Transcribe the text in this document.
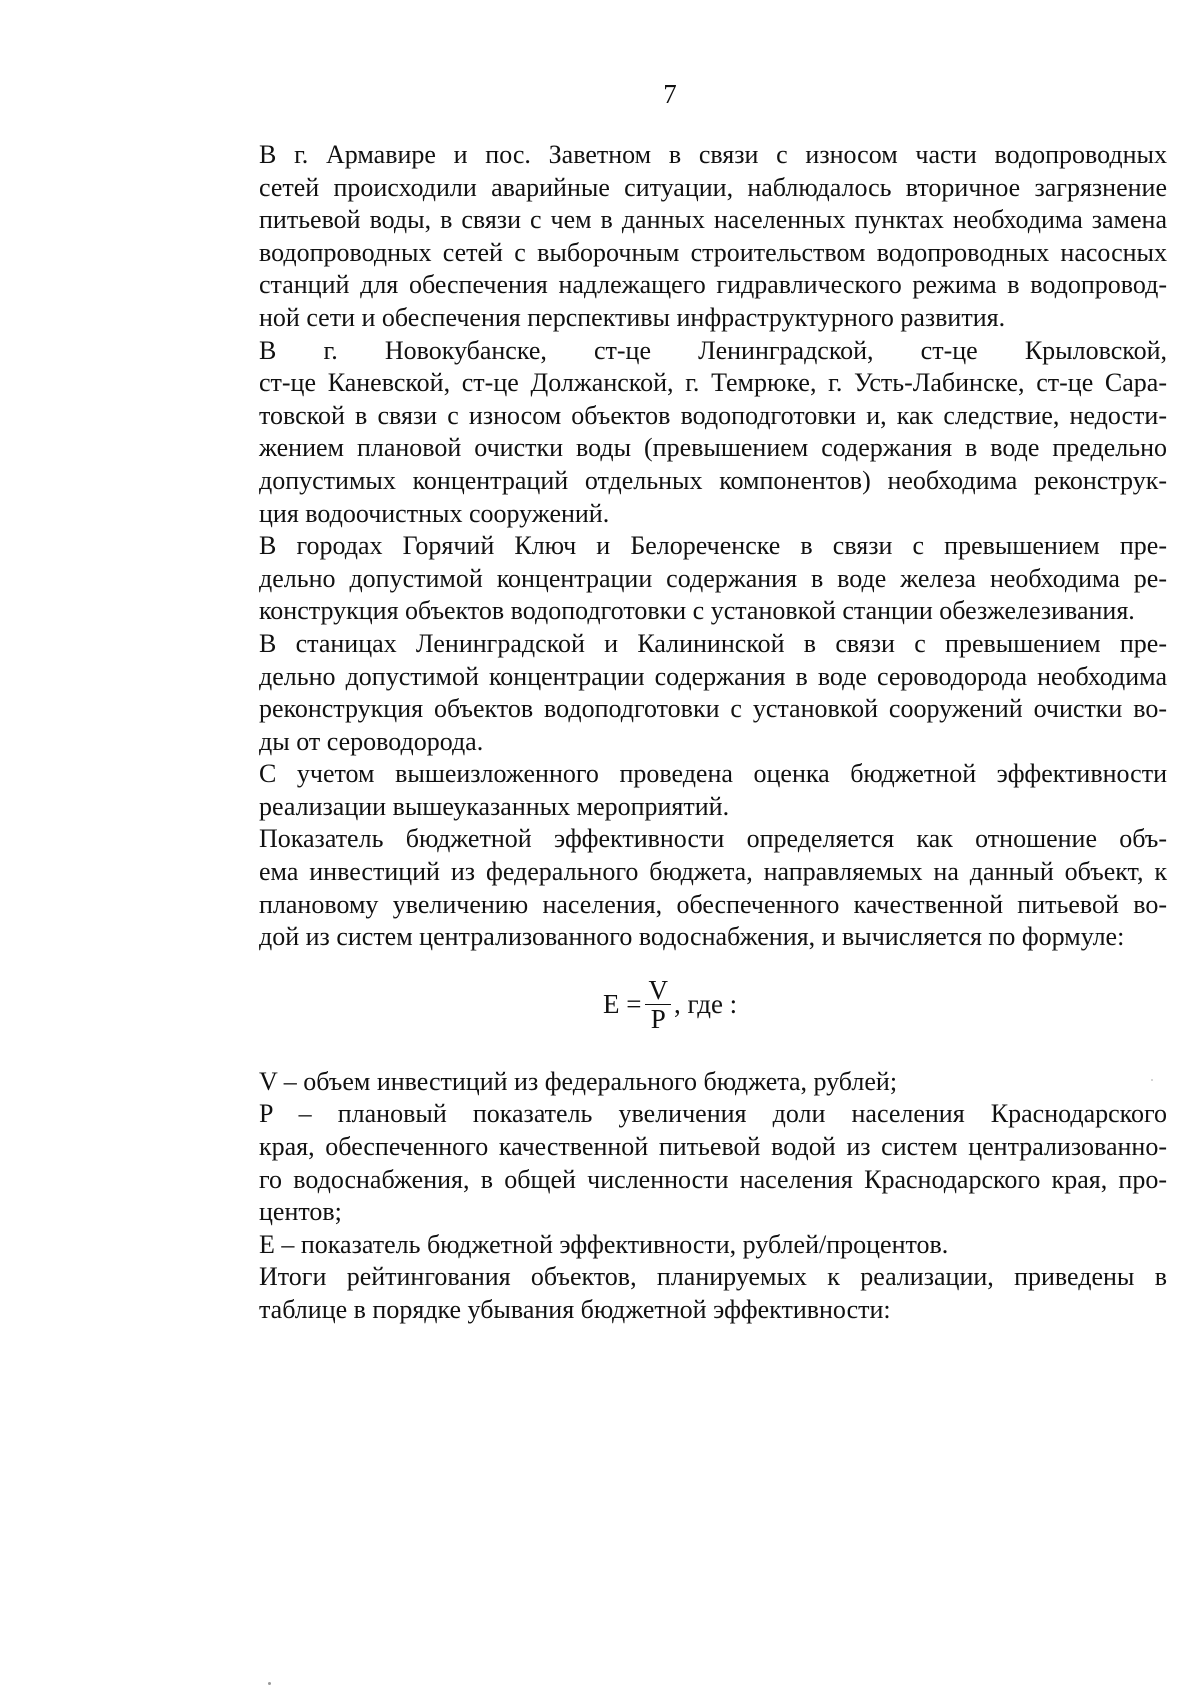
7

В г. Армавире и пос. Заветном в связи с износом части водопроводных
сетей происходили аварийные ситуации, наблюдалось вторичное загрязнение
питьевой воды, в связи с чем в данных населенных пунктах необходима замена
водопроводных сетей с выборочным строительством водопроводных насосных
станций для обеспечения надлежащего гидравлического режима в водопровод-
ной сети и обеспечения перспективы инфраструктурного развития.

В г. Новокубанске, ст-це Ленинградской, ст-це Крыловской,
ст-це Каневской, ст-це Должанской, г. Темрюке, г. Усть-Лабинске, ст-це Сара-
товской в связи с износом объектов водоподготовки и, как следствие, недости-
жением плановой очистки воды (превышением содержания в воде предельно
допустимых концентраций отдельных компонентов) необходима реконструк-
ция водоочистных сооружений.

В городах Горячий Ключ и Белореченске в связи с превышением пре-
дельно допустимой концентрации содержания в воде железа необходима ре-
конструкция объектов водоподготовки с установкой станции обезжелезивания.

В станицах Ленинградской и Калининской в связи с превышением пре-
дельно допустимой концентрации содержания в воде сероводорода необходима
реконструкция объектов водоподготовки с установкой сооружений очистки во-
ды от сероводорода.

С учетом вышеизложенного проведена оценка бюджетной эффективности
реализации вышеуказанных мероприятий.

Показатель бюджетной эффективности определяется как отношение объ-
ема инвестиций из федерального бюджета, направляемых на данный объект, к
плановому увеличению населения, обеспеченного качественной питьевой во-
дой из систем централизованного водоснабжения, и вычисляется по формуле:

$E = \frac{V}{P}$ , где :

V – объем инвестиций из федерального бюджета, рублей;

P – плановый показатель увеличения доли населения Краснодарского
края, обеспеченного качественной питьевой водой из систем централизованно-
го водоснабжения, в общей численности населения Краснодарского края, про-
центов;

E – показатель бюджетной эффективности, рублей/процентов.

Итоги рейтингования объектов, планируемых к реализации, приведены в
таблице в порядке убывания бюджетной эффективности:
